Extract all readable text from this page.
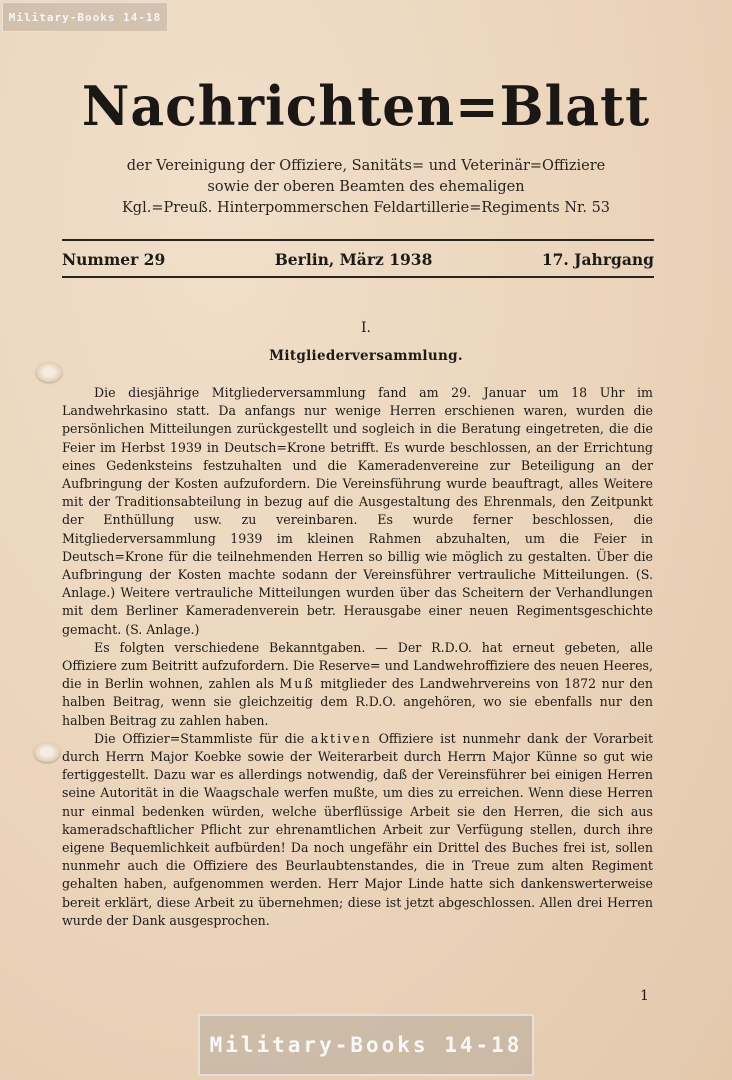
Military-Books 14-18
Nachrichten=Blatt
der Vereinigung der Offiziere, Sanitäts= und Veterinär=Offiziere
sowie der oberen Beamten des ehemaligen
Kgl.=Preuß. Hinterpommerschen Feldartillerie=Regiments Nr. 53
Nummer 29	Berlin, März 1938	17. Jahrgang
I.
Mitgliederversammlung.

Die diesjährige Mitgliederversammlung fand am 29. Januar um 18 Uhr im Landwehrkasino statt. Da anfangs nur wenige Herren erschienen waren, wurden die persönlichen Mitteilungen zurückgestellt und sogleich in die Beratung eingetreten, die die Feier im Herbst 1939 in Deutsch=Krone betrifft. Es wurde beschlossen, an der Errichtung eines Gedenksteins festzuhalten und die Kameradenvereine zur Beteiligung an der Aufbringung der Kosten aufzufordern. Die Vereinsführung wurde beauftragt, alles Weitere mit der Traditionsabteilung in bezug auf die Ausgestaltung des Ehrenmals, den Zeitpunkt der Enthüllung usw. zu vereinbaren. Es wurde ferner beschlossen, die Mitgliederversammlung 1939 im kleinen Rahmen abzuhalten, um die Feier in Deutsch=Krone für die teilnehmenden Herren so billig wie möglich zu gestalten. Über die Aufbringung der Kosten machte sodann der Vereinsführer vertrauliche Mitteilungen. (S. Anlage.) Weitere vertrauliche Mitteilungen wurden über das Scheitern der Verhandlungen mit dem Berliner Kameradenverein betr. Herausgabe einer neuen Regimentsgeschichte gemacht. (S. Anlage.)

Es folgten verschiedene Bekanntgaben. — Der R.D.O. hat erneut gebeten, alle Offiziere zum Beitritt aufzufordern. Die Reserve= und Landwehroffiziere des neuen Heeres, die in Berlin wohnen, zahlen als Muß mitglieder des Landwehrvereins von 1872 nur den halben Beitrag, wenn sie gleichzeitig dem R.D.O. angehören, wo sie ebenfalls nur den halben Beitrag zu zahlen haben.

Die Offizier=Stammliste für die aktiven Offiziere ist nunmehr dank der Vorarbeit durch Herrn Major Koebke sowie der Weiterarbeit durch Herrn Major Künne so gut wie fertiggestellt. Dazu war es allerdings notwendig, daß der Vereinsführer bei einigen Herren seine Autorität in die Waagschale werfen mußte, um dies zu erreichen. Wenn diese Herren nur einmal bedenken würden, welche überflüssige Arbeit sie den Herren, die sich aus kameradschaftlicher Pflicht zur ehrenamtlichen Arbeit zur Verfügung stellen, durch ihre eigene Bequemlichkeit aufbürden! Da noch ungefähr ein Drittel des Buches frei ist, sollen nunmehr auch die Offiziere des Beurlaubtenstandes, die in Treue zum alten Regiment gehalten haben, aufgenommen werden. Herr Major Linde hatte sich dankenswerterweise bereit erklärt, diese Arbeit zu übernehmen; diese ist jetzt abgeschlossen. Allen drei Herren wurde der Dank ausgesprochen.

1
Military-Books 14-18
